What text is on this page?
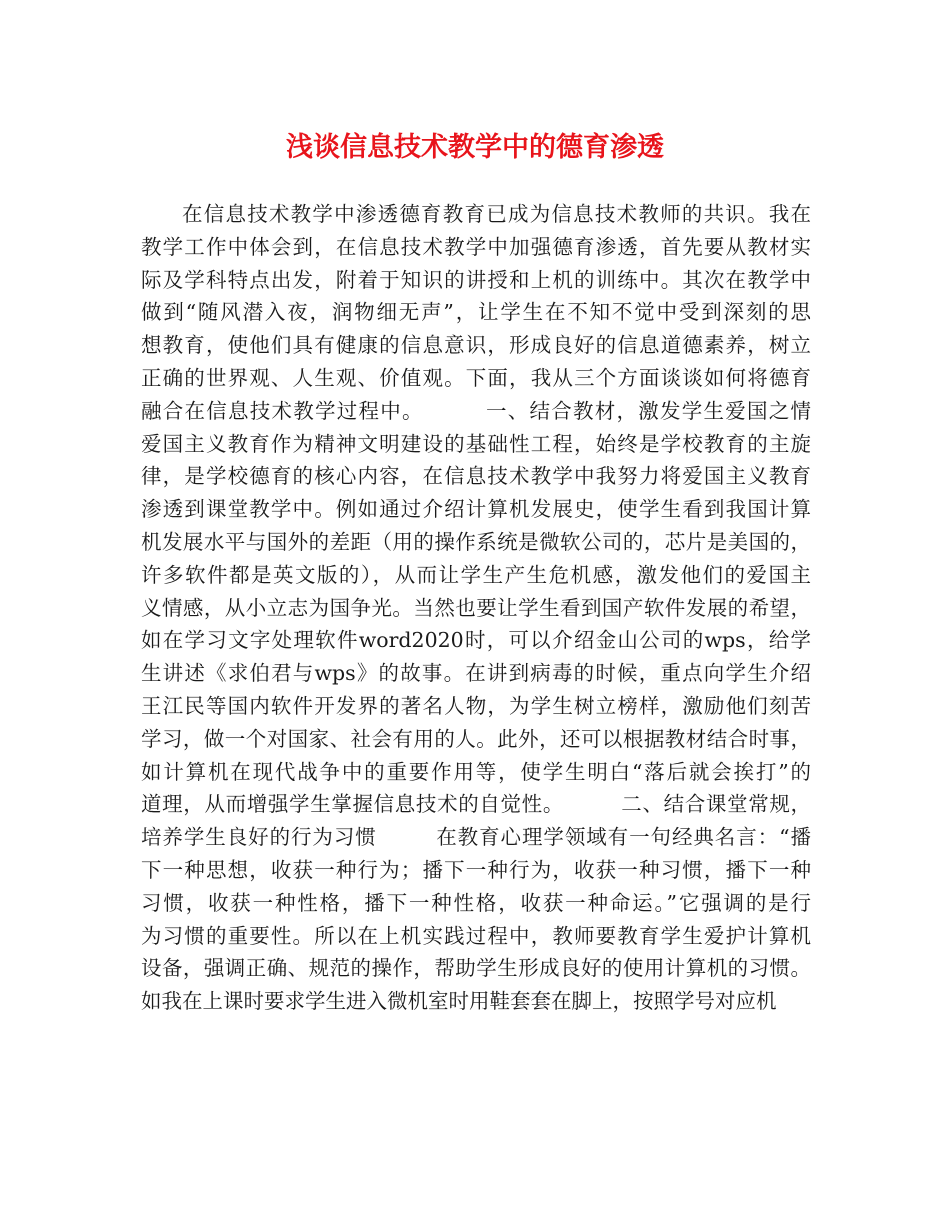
浅谈信息技术教学中的德育渗透
在信息技术教学中渗透德育教育已成为信息技术教师的共识。我在
教学工作中体会到，在信息技术教学中加强德育渗透，首先要从教材实
际及学科特点出发，附着于知识的讲授和上机的训练中。其次在教学中
做到“随风潜入夜，润物细无声”，让学生在不知不觉中受到深刻的思
想教育，使他们具有健康的信息意识，形成良好的信息道德素养，树立
正确的世界观、人生观、价值观。下面，我从三个方面谈谈如何将德育
融合在信息技术教学过程中。        一、结合教材，激发学生爱国之情
爱国主义教育作为精神文明建设的基础性工程，始终是学校教育的主旋
律，是学校德育的核心内容，在信息技术教学中我努力将爱国主义教育
渗透到课堂教学中。例如通过介绍计算机发展史，使学生看到我国计算
机发展水平与国外的差距（用的操作系统是微软公司的，芯片是美国的，
许多软件都是英文版的），从而让学生产生危机感，激发他们的爱国主
义情感，从小立志为国争光。当然也要让学生看到国产软件发展的希望，
如在学习文字处理软件word2020时，可以介绍金山公司的wps，给学
生讲述《求伯君与wps》的故事。在讲到病毒的时候，重点向学生介绍
王江民等国内软件开发界的著名人物，为学生树立榜样，激励他们刻苦
学习，做一个对国家、社会有用的人。此外，还可以根据教材结合时事，
如计算机在现代战争中的重要作用等，使学生明白“落后就会挨打”的
道理，从而增强学生掌握信息技术的自觉性。        二、结合课堂常规，
培养学生良好的行为习惯        在教育心理学领域有一句经典名言：“播
下一种思想，收获一种行为；播下一种行为，收获一种习惯，播下一种
习惯，收获一种性格，播下一种性格，收获一种命运。”它强调的是行
为习惯的重要性。所以在上机实践过程中，教师要教育学生爱护计算机
设备，强调正确、规范的操作，帮助学生形成良好的使用计算机的习惯。
如我在上课时要求学生进入微机室时用鞋套套在脚上，按照学号对应机
